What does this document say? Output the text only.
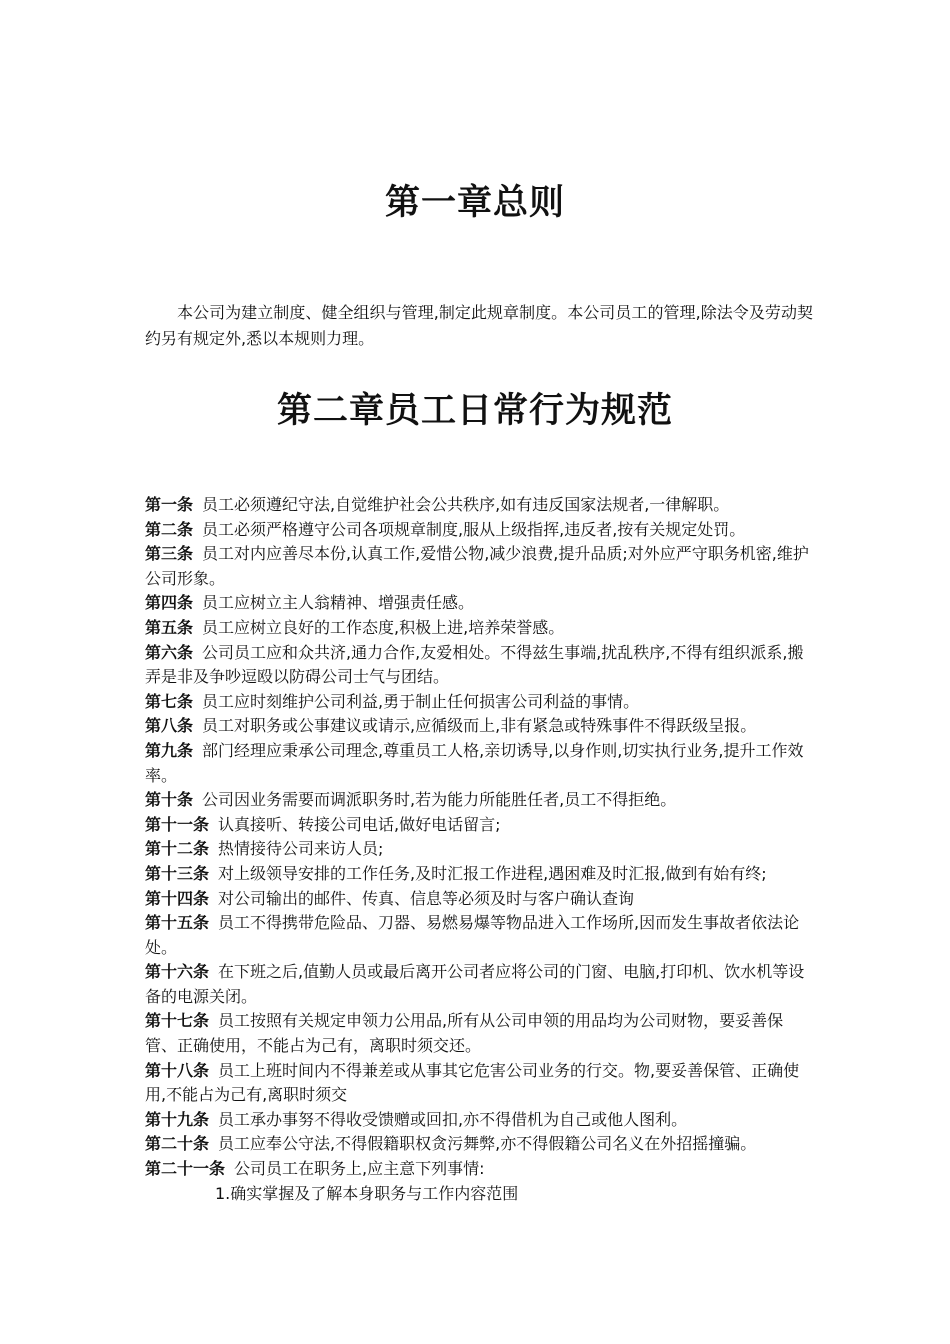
第一章总则

本公司为建立制度、健全组织与管理,制定此规章制度。本公司员工的管理,除法令及劳动契约另有规定外,悉以本规则力理。

第二章员工日常行为规范

第一条 员工必须遵纪守法,自觉维护社会公共秩序,如有违反国家法规者,一律解职。

第二条 员工必须严格遵守公司各项规章制度,服从上级指挥,违反者,按有关规定处罚。

第三条 员工对内应善尽本份,认真工作,爱惜公物,减少浪费,提升品质;对外应严守职务机密,维护公司形象。

第四条 员工应树立主人翁精神、增强责任感。

第五条 员工应树立良好的工作态度,积极上进,培养荣誉感。

第六条 公司员工应和众共济,通力合作,友爱相处。不得兹生事端,扰乱秩序,不得有组织派系,搬弄是非及争吵逗殴以防碍公司士气与团结。

第七条 员工应时刻维护公司利益,勇于制止任何损害公司利益的事情。

第八条 员工对职务或公事建议或请示,应循级而上,非有紧急或特殊事件不得跃级呈报。

第九条 部门经理应秉承公司理念,尊重员工人格,亲切诱导,以身作则,切实执行业务,提升工作效率。

第十条 公司因业务需要而调派职务时,若为能力所能胜任者,员工不得拒绝。

第十一条 认真接听、转接公司电话,做好电话留言;

第十二条 热情接待公司来访人员;

第十三条 对上级领导安排的工作任务,及时汇报工作进程,遇困难及时汇报,做到有始有终;

第十四条 对公司输出的邮件、传真、信息等必须及时与客户确认查询

第十五条 员工不得携带危险品、刀器、易燃易爆等物品进入工作场所,因而发生事故者依法论处。

第十六条 在下班之后,值勤人员或最后离开公司者应将公司的门窗、电脑,打印机、饮水机等设备的电源关闭。

第十七条 员工按照有关规定申领力公用品,所有从公司申领的用品均为公司财物，要妥善保管、正确使用，不能占为己有，离职时须交还。

第十八条 员工上班时间内不得兼差或从事其它危害公司业务的行交。物,要妥善保管、正确使用,不能占为己有,离职时须交

第十九条 员工承办事努不得收受馈赠或回扣,亦不得借机为自己或他人图利。

第二十条 员工应奉公守法,不得假籍职权贪污舞弊,亦不得假籍公司名义在外招摇撞骗。

第二十一条 公司员工在职务上,应主意下列事情:

1.确实掌握及了解本身职务与工作内容范围
